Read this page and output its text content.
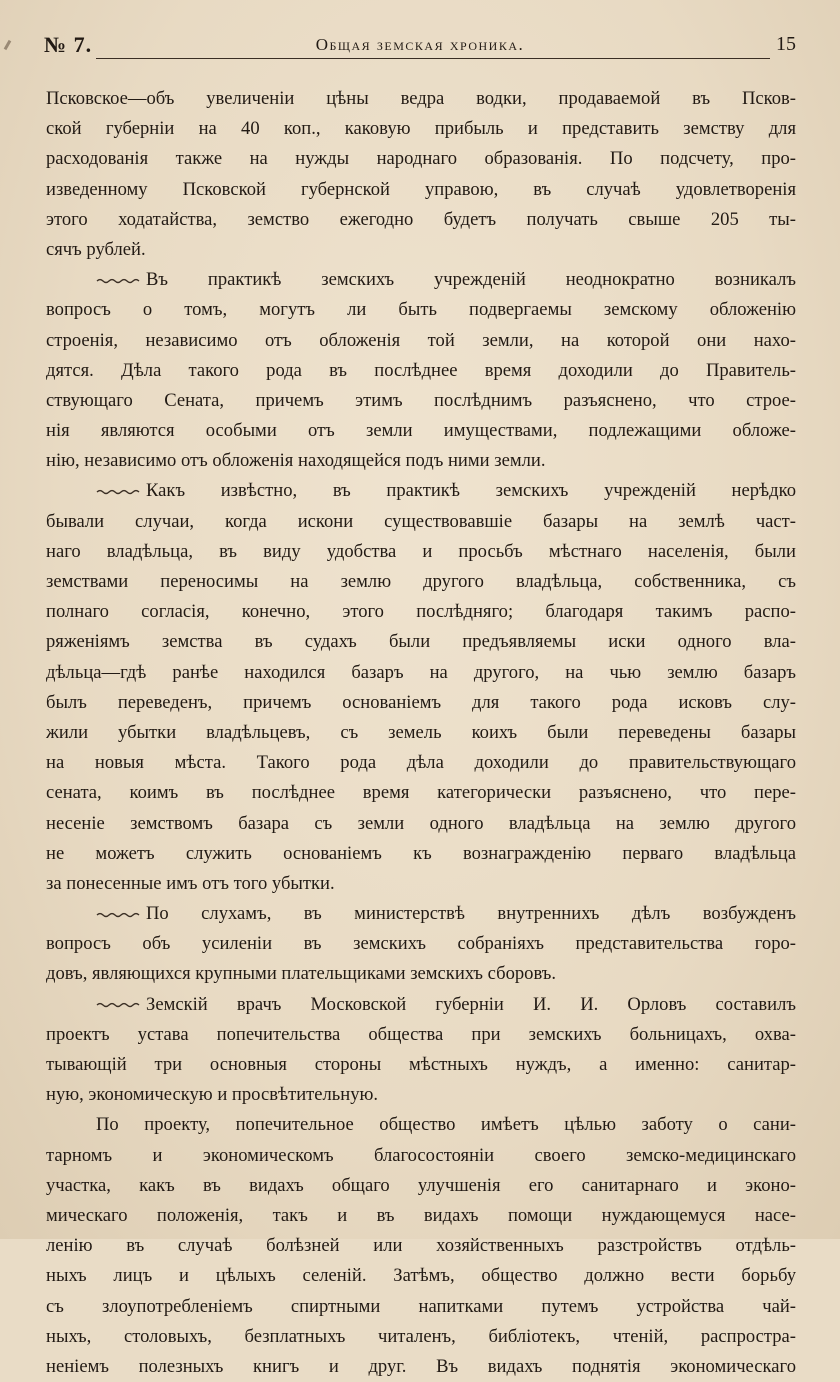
№ 7.	Общая земская хроника.	15
Псковское—объ увеличеніи цѣны ведра водки, продаваемой въ Псков-
ской губерніи на 40 коп., каковую прибыль и представить земству для
расходованія также на нужды народнаго образованія. По подсчету, про-
изведенному Псковской губернской управою, въ случаѣ удовлетворенія
этого ходатайства, земство ежегодно будетъ получать свыше 205 ты-
сячъ рублей.
Въ практикѣ земскихъ учрежденій неоднократно возникалъ
вопросъ о томъ, могутъ ли быть подвергаемы земскому обложенію
строенія, независимо отъ обложенія той земли, на которой они нахо-
дятся. Дѣла такого рода въ послѣднее время доходили до Правитель-
ствующаго Сената, причемъ этимъ послѣднимъ разъяснено, что строе-
нія являются особыми отъ земли имуществами, подлежащими обложе-
нію, независимо отъ обложенія находящейся подъ ними земли.
Какъ извѣстно, въ практикѣ земскихъ учрежденій нерѣдко
бывали случаи, когда искони существовавшіе базары на землѣ част-
наго владѣльца, въ виду удобства и просьбъ мѣстнаго населенія, были
земствами переносимы на землю другого владѣльца, собственника, съ
полнаго согласія, конечно, этого послѣдняго; благодаря такимъ распо-
ряженіямъ земства въ судахъ были предъявляемы иски одного вла-
дѣльца—гдѣ ранѣе находился базаръ на другого, на чью землю базаръ
былъ переведенъ, причемъ основаніемъ для такого рода исковъ слу-
жили убытки владѣльцевъ, съ земель коихъ были переведены базары
на новыя мѣста. Такого рода дѣла доходили до правительствующаго
сената, коимъ въ послѣднее время категорически разъяснено, что пере-
несеніе земствомъ базара съ земли одного владѣльца на землю другого
не можетъ служить основаніемъ къ вознагражденію перваго владѣльца
за понесенные имъ отъ того убытки.
По слухамъ, въ министерствѣ внутреннихъ дѣлъ возбужденъ
вопросъ объ усиленіи въ земскихъ собраніяхъ представительства горо-
довъ, являющихся крупными плательщиками земскихъ сборовъ.
Земскій врачъ Московской губерніи И. И. Орловъ составилъ
проектъ устава попечительства общества при земскихъ больницахъ, охва-
тывающій три основныя стороны мѣстныхъ нуждъ, а именно: санитар-
ную, экономическую и просвѣтительную.
По проекту, попечительное общество имѣетъ цѣлью заботу о сани-
тарномъ и экономическомъ благосостояніи своего земско-медицинскаго
участка, какъ въ видахъ общаго улучшенія его санитарнаго и эконо-
мическаго положенія, такъ и въ видахъ помощи нуждающемуся насе-
ленію въ случаѣ болѣзней или хозяйственныхъ разстройствъ отдѣль-
ныхъ лицъ и цѣлыхъ селеній. Затѣмъ, общество должно вести борьбу
съ злоупотребленіемъ спиртными напитками путемъ устройства чай-
ныхъ, столовыхъ, безплатныхъ читаленъ, библіотекъ, чтеній, распростра-
неніемъ полезныхъ книгъ и друг. Въ видахъ поднятія экономическаго
